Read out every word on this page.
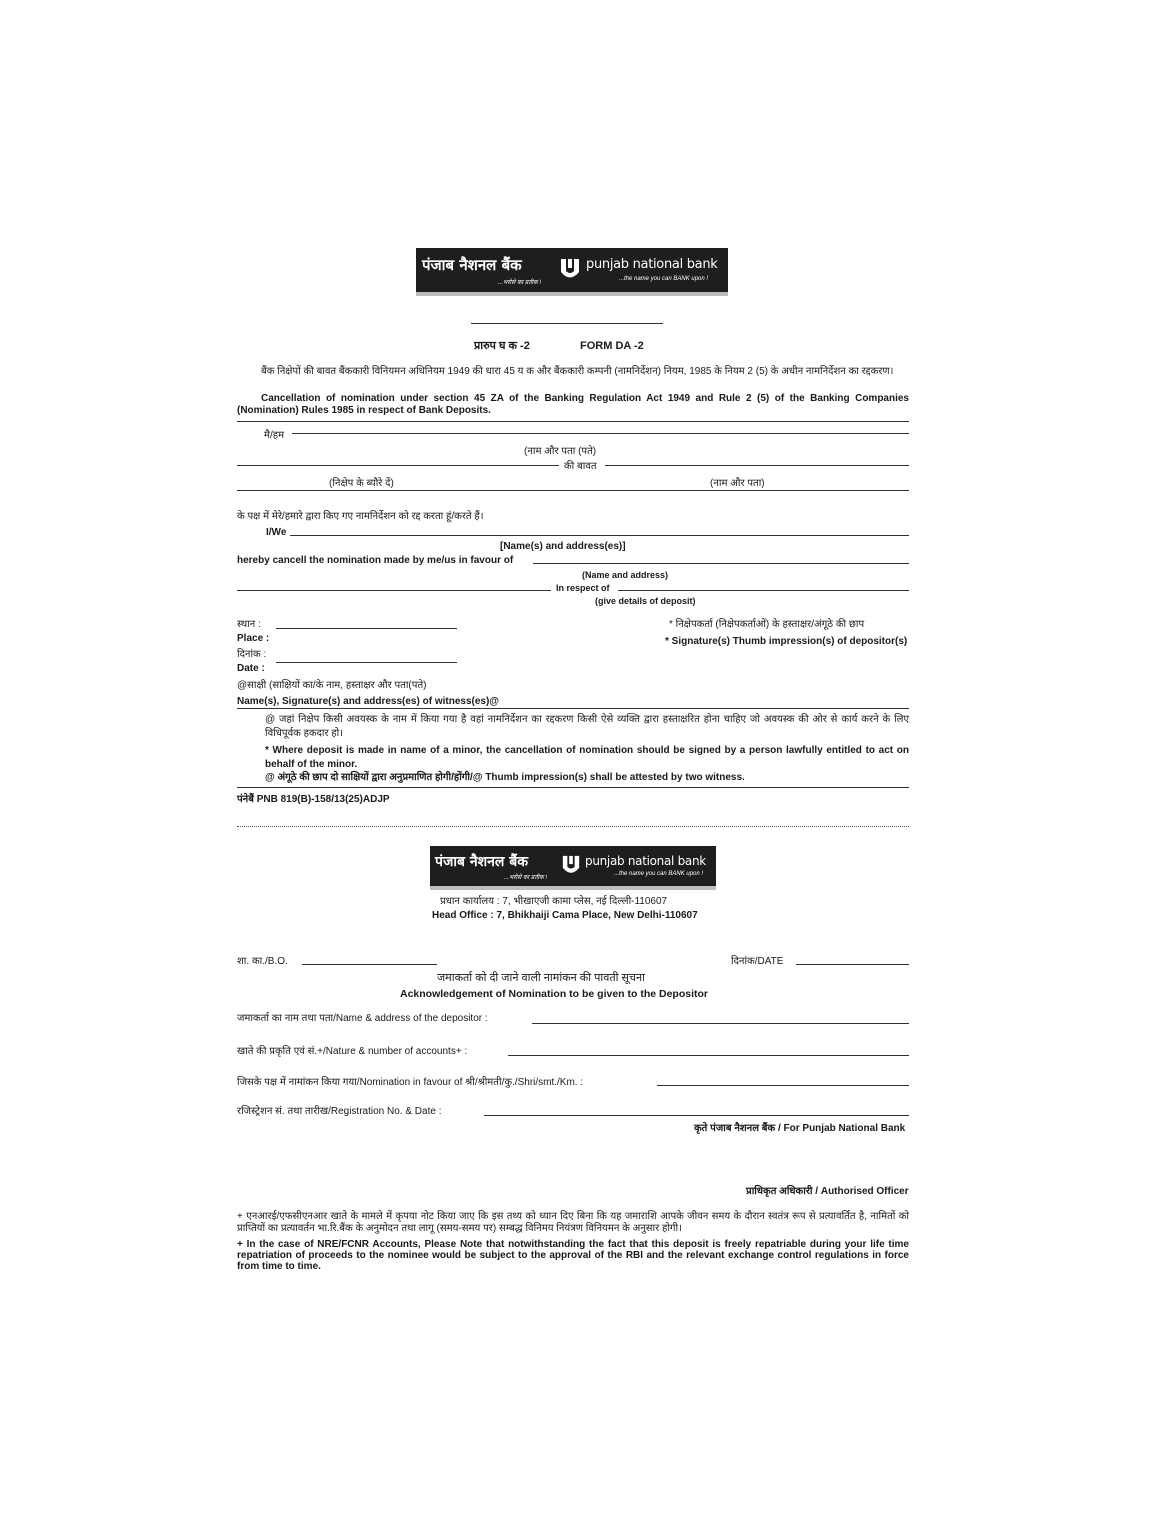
पंजाब नैशनल बैंक
...भरोसे का प्रतीक !
punjab national bank
...the name you can BANK upon !
प्रारुप घ क -2	FORM DA -2
बैंक निक्षेपों की बावत बैंककारी विनियमन अधिनियम 1949 की धारा 45 य क और बैंककारी कम्पनी (नामनिर्देशन) नियम, 1985 के नियम 2 (5) के अधीन नामनिर्देशन का रद्दकरण।
Cancellation of nomination under section 45 ZA of the Banking Regulation Act 1949 and Rule 2 (5) of the Banking Companies (Nomination) Rules 1985 in respect of Bank Deposits.
मै/हम
(नाम और पता (पते)
की बावत
(निक्षेप के ब्यौरे दें)	(नाम और पता)
के पक्ष में मेरे/हमारे द्वारा किए गए नामनिर्देशन को रद्द करता हूं/करते हैं।
I/We
[Name(s) and address(es)]
hereby cancell the nomination made by me/us in favour of
(Name and address)
In respect of
(give details of deposit)
स्थान :
Place :
दिनांक :
Date :
* निक्षेपकर्ता (निक्षेपकर्ताओं) के हस्ताक्षर/अंगूठे की छाप
* Signature(s) Thumb impression(s) of depositor(s)
@साक्षी (साक्षियों का/के नाम, हस्ताक्षर और पता(पते)
Name(s), Signature(s) and address(es) of witness(es)@
@ जहां निक्षेप किसी अवयस्क के नाम में किया गया है वहां नामनिर्देशन का रद्दकरण किसी ऐसे व्यक्ति द्वारा हस्ताक्षरित होना चाहिए जो अवयस्क की ओर से कार्य करने के लिए विधिपूर्वक हकदार हो।
* Where deposit is made in name of a minor, the cancellation of nomination should be signed by a person lawfully entitled to act on behalf of the minor.
@ अंगूठे की छाप दो साक्षियों द्वारा अनुप्रमाणित होगी/होंगी/@ Thumb impression(s) shall be attested by two witness.
पंनेबैं PNB 819(B)-158/13(25)ADJP
पंजाब नैशनल बैंक
...भरोसे का प्रतीक !
punjab national bank
...the name you can BANK upon !
प्रधान कार्यालय : 7, भीखाएजी कामा प्लेस, नई दिल्ली-110607
Head Office : 7, Bhikhaiji Cama Place, New Delhi-110607
शा. का./B.O.	दिनांक/DATE
जमाकर्ता को दी जाने वाली नामांकन की पावती सूचना
Acknowledgement of Nomination to be given to the Depositor
जमाकर्ता का नाम तथा पता/Name & address of the depositor :
खाते की प्रकृति एवं सं.+/Nature & number of accounts+ :
जिसके पक्ष में नामांकन किया गया/Nomination in favour of श्री/श्रीमती/कु./Shri/smt./Km. :
रजिस्ट्रेशन सं. तथा तारीख/Registration No. & Date :
कृते पंजाब नैशनल बैंक / For Punjab National Bank
प्राधिकृत अधिकारी / Authorised Officer
+ एनआरई/एफसीएनआर खाते के मामले में कृपया नोट किया जाए कि इस तथ्य को ध्यान दिए बिना कि यह जमाराशि आपके जीवन समय के दौरान स्वतंत्र रूप से प्रत्यावर्तित है, नामितों को प्राप्तियों का प्रत्यावर्तन भा.रि.बैंक के अनुमोदन तथा लागू (समय-समय पर) सम्बद्ध विनिमय नियंत्रण विनियमन के अनुसार होगी।
+ In the case of NRE/FCNR Accounts, Please Note that notwithstanding the fact that this deposit is freely repatriable during your life time repatriation of proceeds to the nominee would be subject to the approval of the RBI and the relevant exchange control regulations in force from time to time.
